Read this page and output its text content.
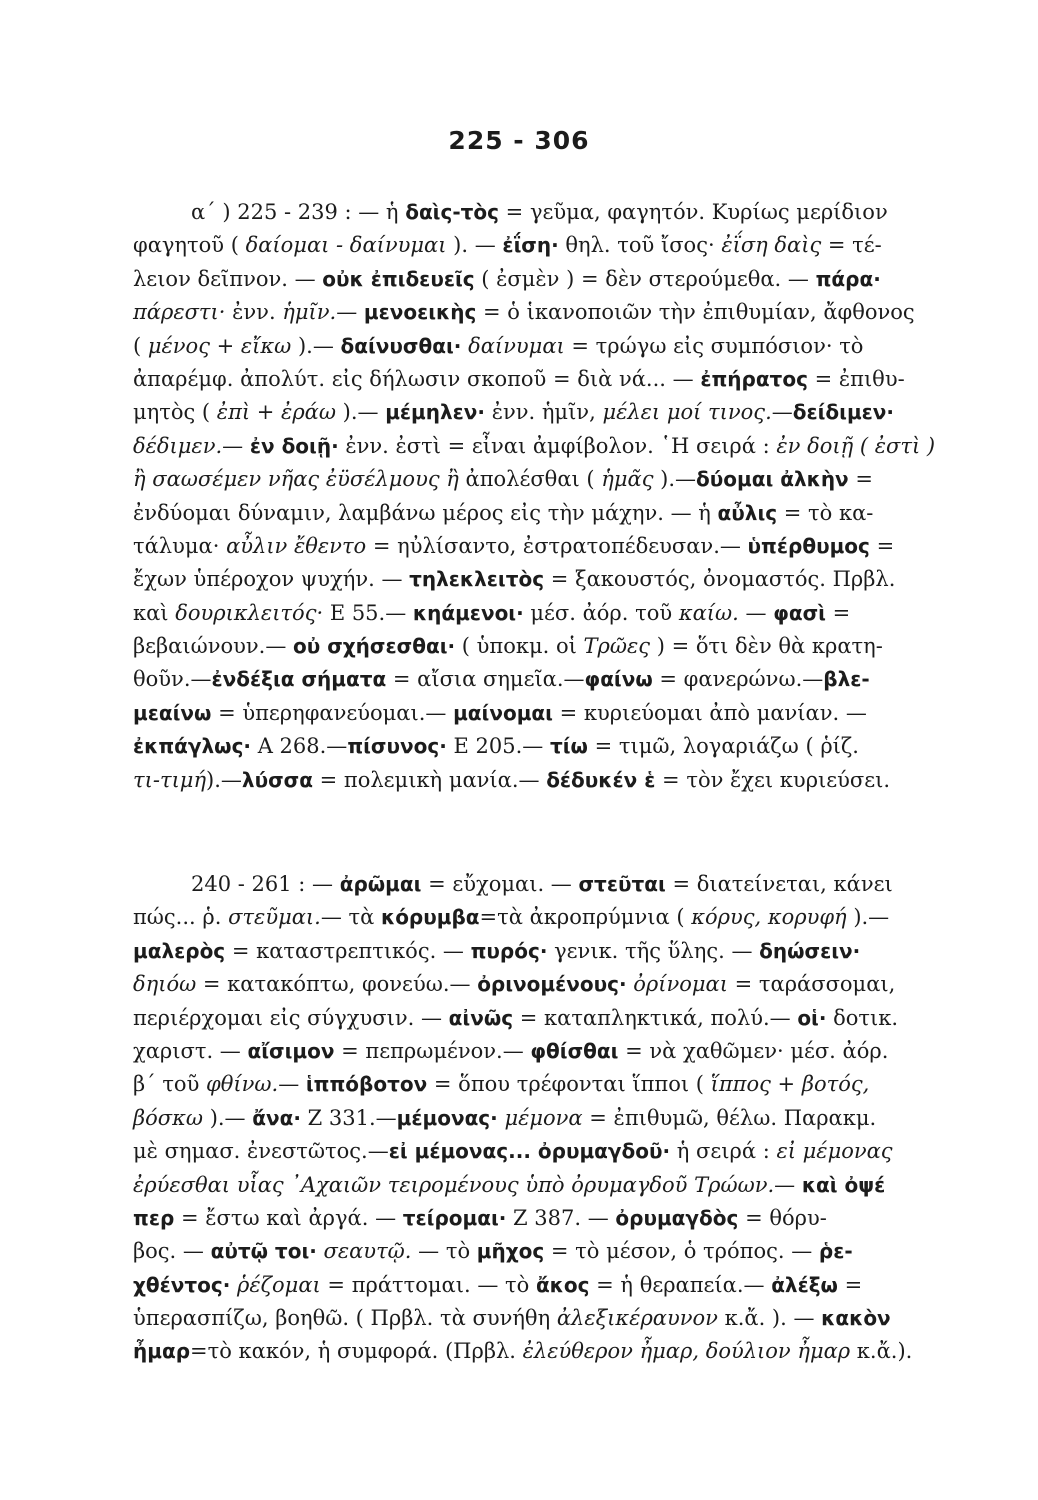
225 - 306
α΄ ) 225 - 239 : — ἡ δαὶς-τὸς = γεῦμα, φαγητόν. Κυρίως μερίδιον
φαγητοῦ ( δαίομαι - δαίνυμαι ). — ἐΐση· θηλ. τοῦ ἴσος· ἐΐση δαὶς = τέ-
λειον δεῖπνον. — οὐκ ἐπιδευεῖς ( ἐσμὲν ) = δὲν στερούμεθα. — πάρα·
πάρεστι· ἐνν. ἡμῖν.— μενοεικὴς = ὁ ἱκανοποιῶν τὴν ἐπιθυμίαν, ἄφθονος
( μένος + εἴκω ).— δαίνυσθαι· δαίνυμαι = τρώγω εἰς συμπόσιον· τὸ
ἀπαρέμφ. ἀπολύτ. εἰς δήλωσιν σκοποῦ = διὰ νά... — ἐπήρατος = ἐπιθυ-
μητὸς ( ἐπὶ + ἐράω ).— μέμηλεν· ἐνν. ἡμῖν, μέλει μοί τινος.—δείδιμεν·
δέδιμεν.— ἐν δοιῇ· ἐνν. ἐστὶ = εἶναι ἀμφίβολον. ῾Η σειρά : ἐν δοιῇ ( ἐστὶ )
ἢ σαωσέμεν νῆας ἐϋσέλμους ἢ ἀπολέσθαι ( ἡμᾶς ).—δύομαι ἀλκὴν =
ἐνδύομαι δύναμιν, λαμβάνω μέρος εἰς τὴν μάχην. — ἡ αὖλις = τὸ κα-
τάλυμα· αὖλιν ἔθεντο = ηὐλίσαντο, ἐστρατοπέδευσαν.— ὑπέρθυμος =
ἔχων ὑπέροχον ψυχήν. — τηλεκλειτὸς = ξακουστός, ὀνομαστός. Πρβλ.
καὶ δουρικλειτός· Ε 55.— κηάμενοι· μέσ. ἀόρ. τοῦ καίω. — φασὶ =
βεβαιώνουν.— οὐ σχήσεσθαι· ( ὑποκμ. οἱ Τρῶες ) = ὅτι δὲν θὰ κρατη-
θοῦν.—ἐνδέξια σήματα = αἴσια σημεῖα.—φαίνω = φανερώνω.—βλε-
μεαίνω = ὑπερηφανεύομαι.— μαίνομαι = κυριεύομαι ἀπὸ μανίαν. —
ἐκπάγλως· Α 268.—πίσυνος· Ε 205.— τίω = τιμῶ, λογαριάζω ( ῥίζ.
τι-τιμή).—λύσσα = πολεμικὴ μανία.— δέδυκέν ἑ = τὸν ἔχει κυριεύσει.
240 - 261 : — ἀρῶμαι = εὔχομαι. — στεῦται = διατείνεται, κάνει
πώς... ῥ. στεῦμαι.— τὰ κόρυμβα=τὰ ἀκροπρύμνια ( κόρυς, κορυφή ).—
μαλερὸς = καταστρεπτικός. — πυρός· γενικ. τῆς ὕλης. — δηώσειν·
δηιόω = κατακόπτω, φονεύω.— ὀρινομένους· ὀρίνομαι = ταράσσομαι,
περιέρχομαι εἰς σύγχυσιν. — αἰνῶς = καταπληκτικά, πολύ.— οἱ· δοτικ.
χαριστ. — αἴσιμον = πεπρωμένον.— φθίσθαι = νὰ χαθῶμεν· μέσ. ἀόρ.
β΄ τοῦ φθίνω.— ἱππόβοτον = ὅπου τρέφονται ἵπποι ( ἵππος + βοτός,
βόσκω ).— ἄνα· Ζ 331.—μέμονας· μέμονα = ἐπιθυμῶ, θέλω. Παρακμ.
μὲ σημασ. ἐνεστῶτος.—εἰ μέμονας... ὀρυμαγδοῦ· ἡ σειρά : εἰ μέμονας
ἐρύεσθαι υἷας ᾿Αχαιῶν τειρομένους ὑπὸ ὀρυμαγδοῦ Τρώων.— καὶ ὀψέ
περ = ἔστω καὶ ἀργά. — τείρομαι· Ζ 387. — ὀρυμαγδὸς = θόρυ-
βος. — αὐτῷ τοι· σεαυτῷ. — τὸ μῆχος = τὸ μέσον, ὁ τρόπος. — ῥε-
χθέντος· ῥέζομαι = πράττομαι. — τὸ ἄκος = ἡ θεραπεία.— ἀλέξω =
ὑπερασπίζω, βοηθῶ. ( Πρβλ. τὰ συνήθη ἀλεξικέραυνον κ.ἄ. ). — κακὸν
ἦμαρ=τὸ κακόν, ἡ συμφορά. (Πρβλ. ἐλεύθερον ἦμαρ, δούλιον ἦμαρ κ.ἄ.).
